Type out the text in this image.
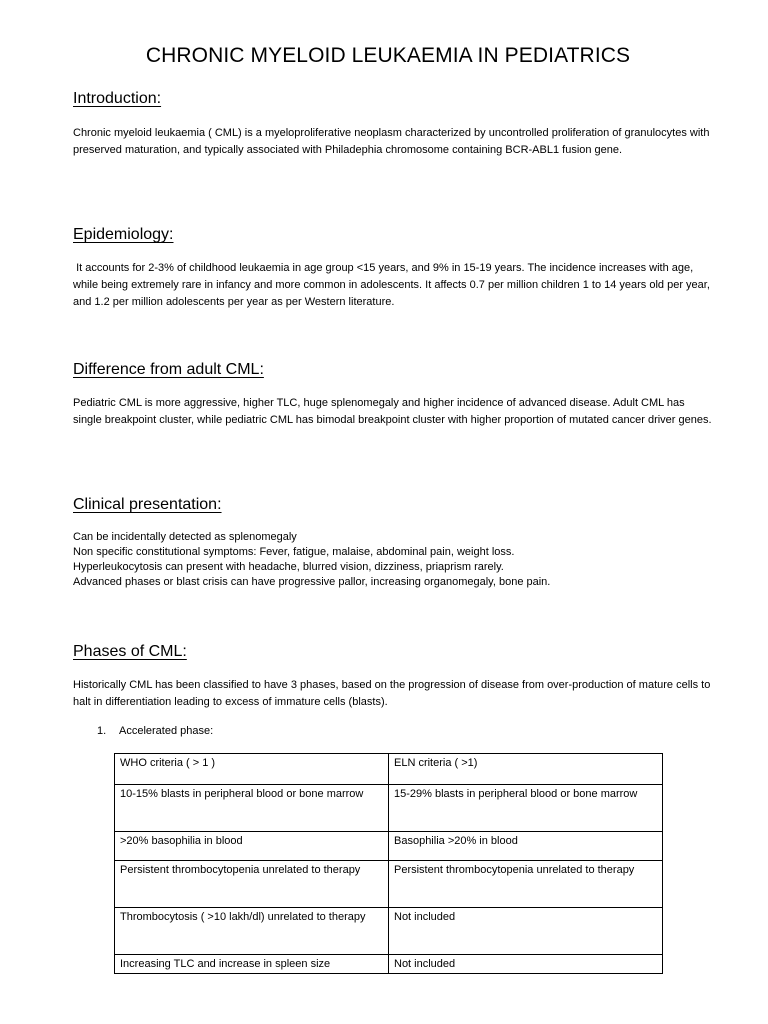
CHRONIC MYELOID LEUKAEMIA IN PEDIATRICS
Introduction:

Chronic myeloid leukaemia ( CML) is a myeloproliferative neoplasm characterized by uncontrolled proliferation of granulocytes with preserved maturation, and typically associated with Philadephia chromosome containing BCR-ABL1 fusion gene.

Epidemiology:

It accounts for 2-3% of childhood leukaemia in age group <15 years, and 9% in 15-19 years. The incidence increases with age, while being extremely rare in infancy and more common in adolescents. It affects 0.7 per million children 1 to 14 years old per year, and 1.2 per million adolescents per year as per Western literature.

Difference from adult CML:

Pediatric CML is more aggressive, higher TLC, huge splenomegaly and higher incidence of advanced disease. Adult CML has single breakpoint cluster, while pediatric CML has bimodal breakpoint cluster with higher proportion of mutated cancer driver genes.

Clinical presentation:
Can be incidentally detected as splenomegaly
Non specific constitutional symptoms: Fever, fatigue, malaise, abdominal pain, weight loss.
Hyperleukocytosis can present with headache, blurred vision, dizziness, priaprism rarely.
Advanced phases or blast crisis can have progressive pallor, increasing organomegaly, bone pain.
Phases of CML:

Historically CML has been classified to have 3 phases, based on the progression of disease from over-production of mature cells to halt in differentiation leading to excess of immature cells (blasts).

1. Accelerated phase:
WHO criteria ( > 1 )	ELN criteria ( >1)
10-15% blasts in peripheral blood or bone marrow	15-29% blasts in peripheral blood or bone marrow
>20% basophilia in blood	Basophilia >20% in blood
Persistent thrombocytopenia unrelated to therapy	Persistent thrombocytopenia unrelated to therapy
Thrombocytosis ( >10 lakh/dl) unrelated to therapy	Not included
Increasing TLC and increase in spleen size	Not included
